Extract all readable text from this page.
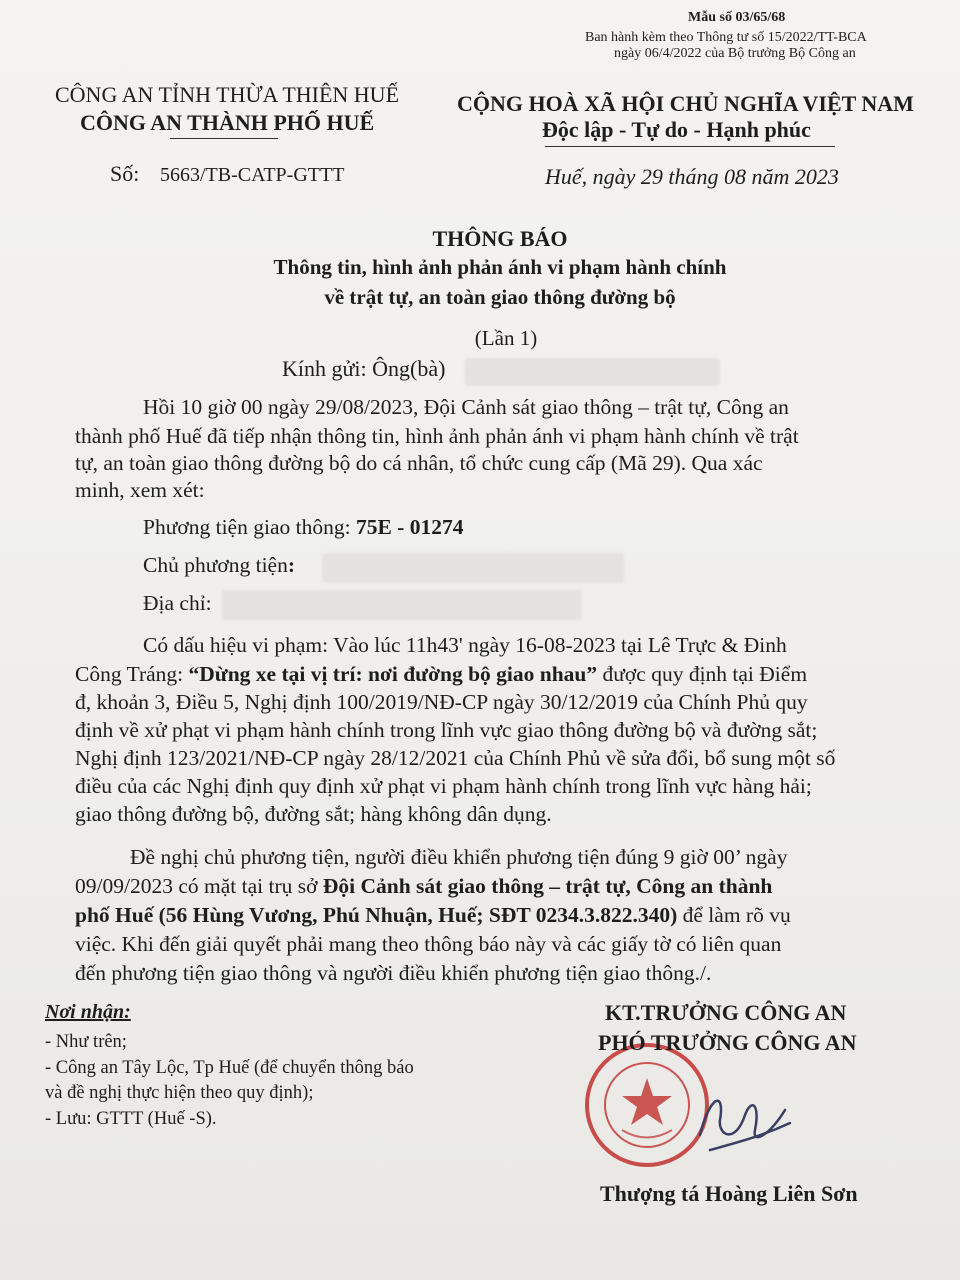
Mẫu số 03/65/68
Ban hành kèm theo Thông tư số 15/2022/TT-BCA
ngày 06/4/2022 của Bộ trưởng Bộ Công an
CÔNG AN TỈNH THỪA THIÊN HUẾ
CÔNG AN THÀNH PHỐ HUẾ
CỘNG HOÀ XÃ HỘI CHỦ NGHĨA VIỆT NAM
Độc lập - Tự do - Hạnh phúc
Số: 5663/TB-CATP-GTTT	Huế, ngày 29 tháng 08 năm 2023
THÔNG BÁO
Thông tin, hình ảnh phản ánh vi phạm hành chính
về trật tự, an toàn giao thông đường bộ
(Lần 1)
Kính gửi: Ông(bà)
Hồi 10 giờ 00 ngày 29/08/2023, Đội Cảnh sát giao thông – trật tự, Công an
thành phố Huế đã tiếp nhận thông tin, hình ảnh phản ánh vi phạm hành chính về trật
tự, an toàn giao thông đường bộ do cá nhân, tổ chức cung cấp (Mã 29). Qua xác
minh, xem xét:
Phương tiện giao thông: 75E - 01274
Chủ phương tiện:
Địa chỉ:
Có dấu hiệu vi phạm: Vào lúc 11h43' ngày 16-08-2023 tại Lê Trực & Đinh
Công Tráng: “Dừng xe tại vị trí: nơi đường bộ giao nhau” được quy định tại Điểm
đ, khoản 3, Điều 5, Nghị định 100/2019/NĐ-CP ngày 30/12/2019 của Chính Phủ quy
định về xử phạt vi phạm hành chính trong lĩnh vực giao thông đường bộ và đường sắt;
Nghị định 123/2021/NĐ-CP ngày 28/12/2021 của Chính Phủ về sửa đổi, bổ sung một số
điều của các Nghị định quy định xử phạt vi phạm hành chính trong lĩnh vực hàng hải;
giao thông đường bộ, đường sắt; hàng không dân dụng.
Đề nghị chủ phương tiện, người điều khiển phương tiện đúng 9 giờ 00’ ngày
09/09/2023 có mặt tại trụ sở Đội Cảnh sát giao thông – trật tự, Công an thành
phố Huế (56 Hùng Vương, Phú Nhuận, Huế; SĐT 0234.3.822.340) để làm rõ vụ
việc. Khi đến giải quyết phải mang theo thông báo này và các giấy tờ có liên quan
đến phương tiện giao thông và người điều khiển phương tiện giao thông./.
Nơi nhận:
- Như trên;
- Công an Tây Lộc, Tp Huế (để chuyển thông báo
và đề nghị thực hiện theo quy định);
- Lưu: GTTT (Huế -S).
KT.TRƯỞNG CÔNG AN
PHÓ TRƯỞNG CÔNG AN
Thượng tá Hoàng Liên Sơn
